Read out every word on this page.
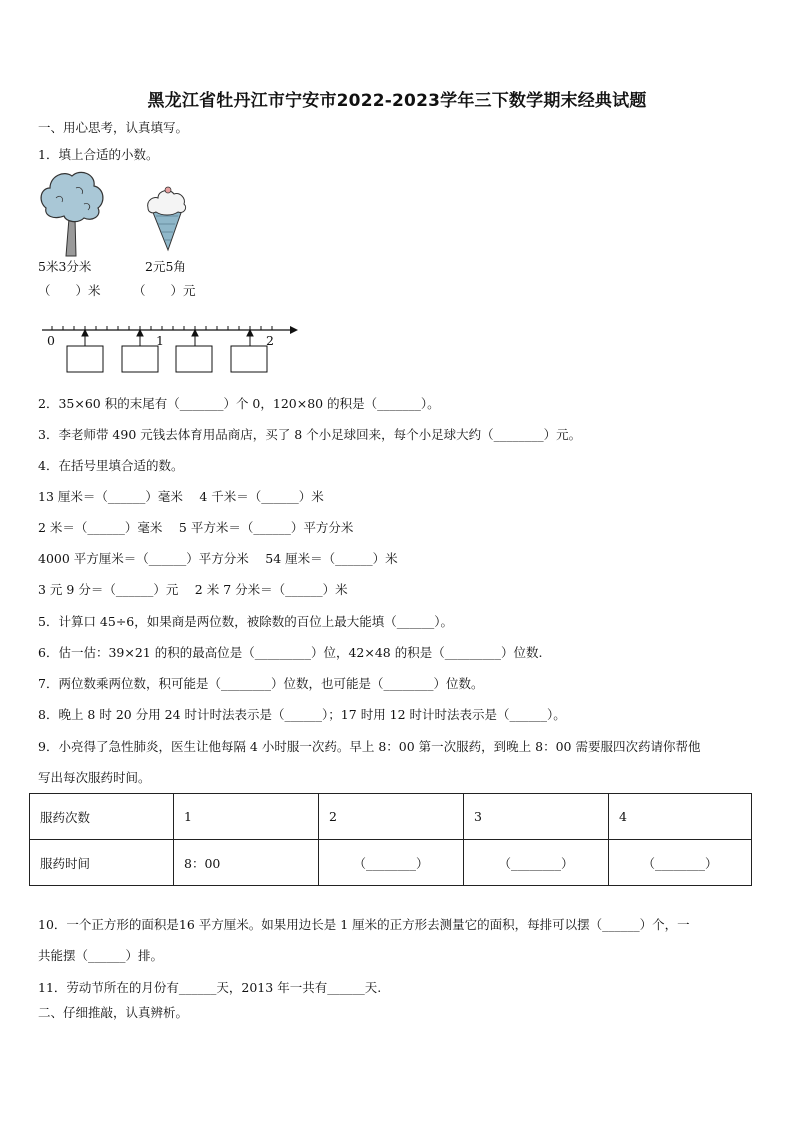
黑龙江省牡丹江市宁安市2022-2023学年三下数学期末经典试题
一、用心思考，认真填写。
1．填上合适的小数。
5米3分米	2元5角
（　　）米	（　　）元
0	1	2
2．35×60 积的末尾有（_______）个 0，120×80 的积是（_______）。
3．李老师带 490 元钱去体育用品商店，买了 8 个小足球回来，每个小足球大约（________）元。
4．在括号里填合适的数。
13 厘米＝（______）毫米　 4 千米＝（______）米
2 米＝（______）毫米　 5 平方米＝（______）平方分米
4000 平方厘米＝（______）平方分米　 54 厘米＝（______）米
3 元 9 分＝（______）元　 2 米 7 分米＝（______）米
5．计算口 45÷6，如果商是两位数，被除数的百位上最大能填（______）。
6．估一估：39×21 的积的最高位是（_________）位，42×48 的积是（_________）位数.
7．两位数乘两位数，积可能是（________）位数，也可能是（________）位数。
8．晚上 8 时 20 分用 24 时计时法表示是（______）；17 时用 12 时计时法表示是（______）。
9．小亮得了急性肺炎，医生让他每隔 4 小时服一次药。早上 8：00 第一次服药，到晚上 8：00 需要服四次药请你帮他
写出每次服药时间。
服药次数	1	2	3	4
服药时间	8：00	（________）	（________）	（________）
10．一个正方形的面积是16 平方厘米。如果用边长是 1 厘米的正方形去测量它的面积，每排可以摆（______）个，一
共能摆（______）排。
11．劳动节所在的月份有______天，2013 年一共有______天.
二、仔细推敲，认真辨析。
